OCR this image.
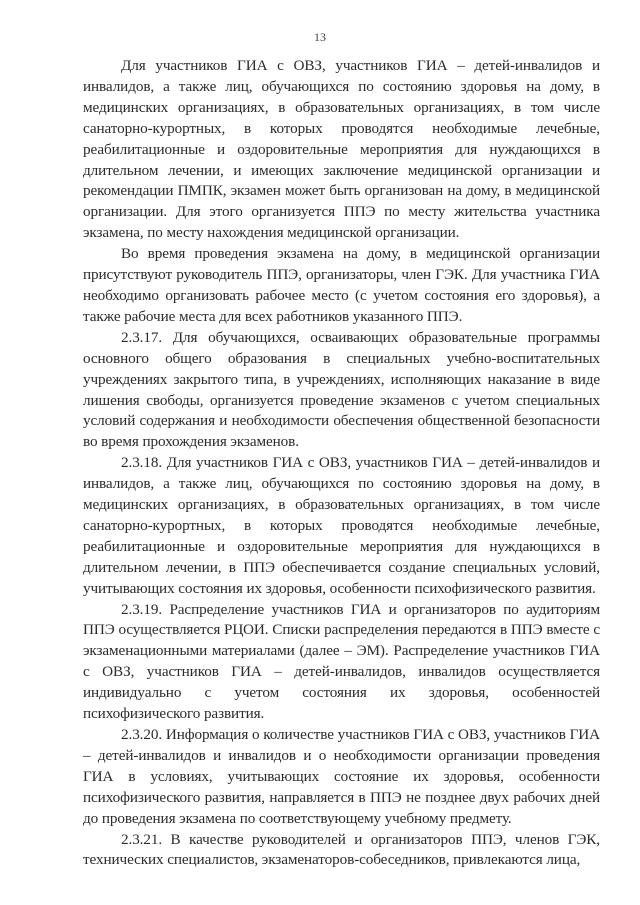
13

Для участников ГИА с ОВЗ, участников ГИА – детей-инвалидов и инвалидов, а также лиц, обучающихся по состоянию здоровья на дому, в медицинских организациях, в образовательных организациях, в том числе санаторно-курортных, в которых проводятся необходимые лечебные, реабилитационные и оздоровительные мероприятия для нуждающихся в длительном лечении, и имеющих заключение медицинской организации и рекомендации ПМПК, экзамен может быть организован на дому, в медицинской организации. Для этого организуется ППЭ по месту жительства участника экзамена, по месту нахождения медицинской организации.

Во время проведения экзамена на дому, в медицинской организации присутствуют руководитель ППЭ, организаторы, член ГЭК. Для участника ГИА необходимо организовать рабочее место (с учетом состояния его здоровья), а также рабочие места для всех работников указанного ППЭ.

2.3.17. Для обучающихся, осваивающих образовательные программы основного общего образования в специальных учебно-воспитательных учреждениях закрытого типа, в учреждениях, исполняющих наказание в виде лишения свободы, организуется проведение экзаменов с учетом специальных условий содержания и необходимости обеспечения общественной безопасности во время прохождения экзаменов.

2.3.18. Для участников ГИА с ОВЗ, участников ГИА – детей-инвалидов и инвалидов, а также лиц, обучающихся по состоянию здоровья на дому, в медицинских организациях, в образовательных организациях, в том числе санаторно-курортных, в которых проводятся необходимые лечебные, реабилитационные и оздоровительные мероприятия для нуждающихся в длительном лечении, в ППЭ обеспечивается создание специальных условий, учитывающих состояния их здоровья, особенности психофизического развития.

2.3.19. Распределение участников ГИА и организаторов по аудиториям ППЭ осуществляется РЦОИ. Списки распределения передаются в ППЭ вместе с экзаменационными материалами (далее – ЭМ). Распределение участников ГИА с ОВЗ, участников ГИА – детей-инвалидов, инвалидов осуществляется индивидуально с учетом состояния их здоровья, особенностей психофизического развития.

2.3.20. Информация о количестве участников ГИА с ОВЗ, участников ГИА – детей-инвалидов и инвалидов и о необходимости организации проведения ГИА в условиях, учитывающих состояние их здоровья, особенности психофизического развития, направляется в ППЭ не позднее двух рабочих дней до проведения экзамена по соответствующему учебному предмету.

2.3.21. В качестве руководителей и организаторов ППЭ, членов ГЭК, технических специалистов, экзаменаторов-собеседников, привлекаются лица,
